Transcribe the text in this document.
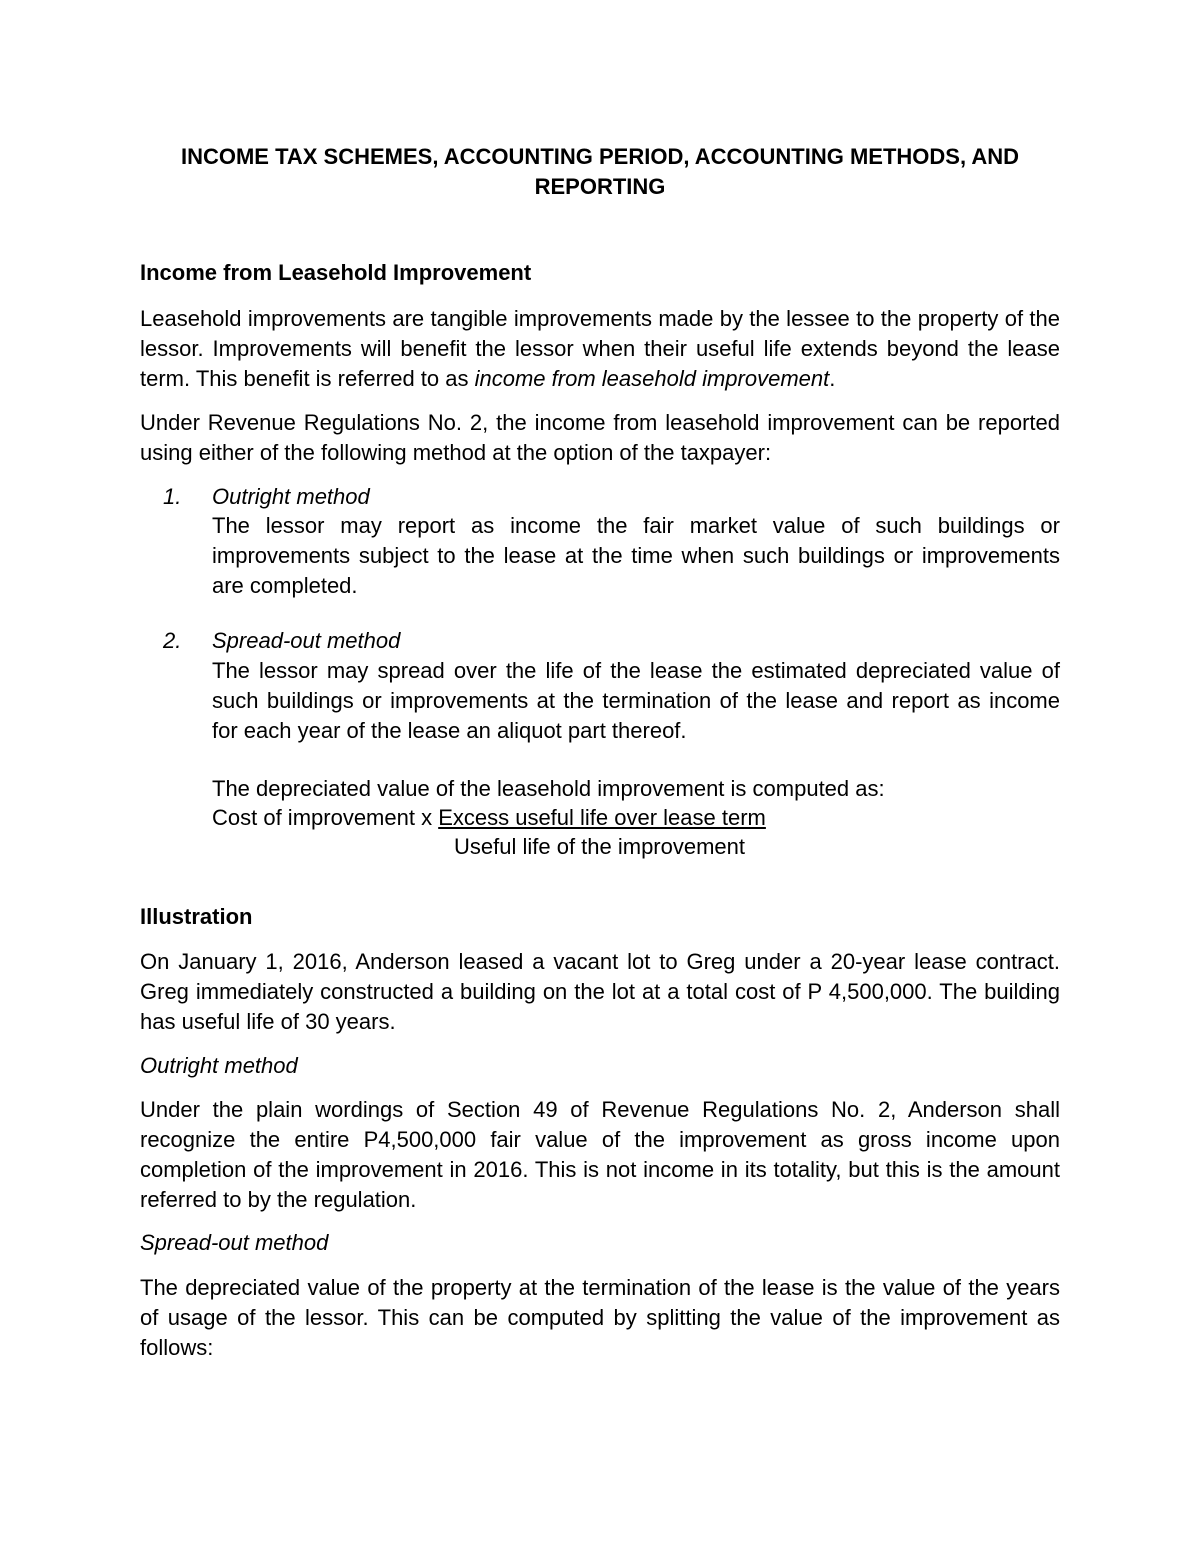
INCOME TAX SCHEMES, ACCOUNTING PERIOD, ACCOUNTING METHODS, AND REPORTING
Income from Leasehold Improvement
Leasehold improvements are tangible improvements made by the lessee to the property of the lessor. Improvements will benefit the lessor when their useful life extends beyond the lease term. This benefit is referred to as income from leasehold improvement.
Under Revenue Regulations No. 2, the income from leasehold improvement can be reported using either of the following method at the option of the taxpayer:
1. Outright method
The lessor may report as income the fair market value of such buildings or improvements subject to the lease at the time when such buildings or improvements are completed.
2. Spread-out method
The lessor may spread over the life of the lease the estimated depreciated value of such buildings or improvements at the termination of the lease and report as income for each year of the lease an aliquot part thereof.
The depreciated value of the leasehold improvement is computed as:
Cost of improvement x Excess useful life over lease term
Useful life of the improvement
Illustration
On January 1, 2016, Anderson leased a vacant lot to Greg under a 20-year lease contract. Greg immediately constructed a building on the lot at a total cost of P 4,500,000. The building has useful life of 30 years.
Outright method
Under the plain wordings of Section 49 of Revenue Regulations No. 2, Anderson shall recognize the entire P4,500,000 fair value of the improvement as gross income upon completion of the improvement in 2016. This is not income in its totality, but this is the amount referred to by the regulation.
Spread-out method
The depreciated value of the property at the termination of the lease is the value of the years of usage of the lessor. This can be computed by splitting the value of the improvement as follows:
